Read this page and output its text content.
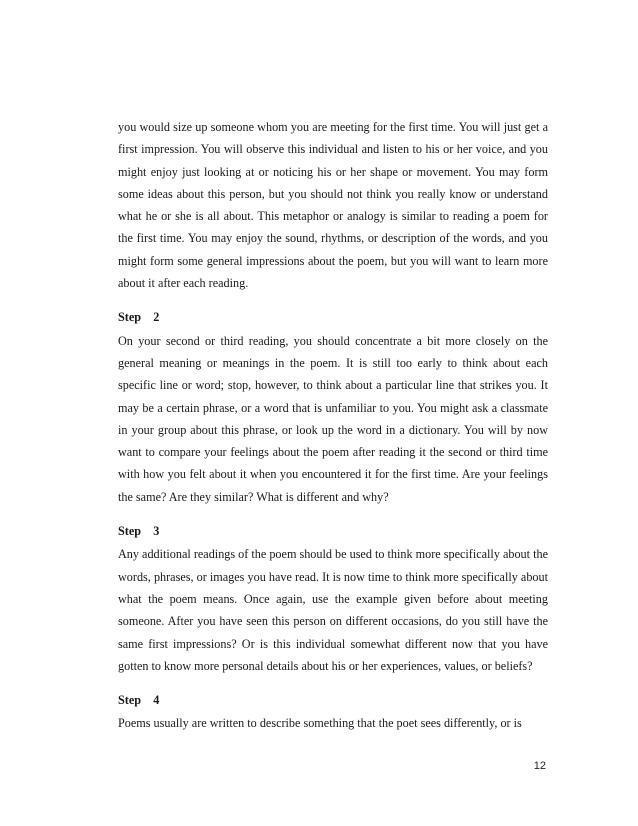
you would size up someone whom you are meeting for the first time. You will just get a first impression. You will observe this individual and listen to his or her voice, and you might enjoy just looking at or noticing his or her shape or movement. You may form some ideas about this person, but you should not think you really know or understand what he or she is all about. This metaphor or analogy is similar to reading a poem for the first time. You may enjoy the sound, rhythms, or description of the words, and you might form some general impressions about the poem, but you will want to learn more about it after each reading.

Step    2

On your second or third reading, you should concentrate a bit more closely on the general meaning or meanings in the poem. It is still too early to think about each specific line or word; stop, however, to think about a particular line that strikes you. It may be a certain phrase, or a word that is unfamiliar to you. You might ask a classmate in your group about this phrase, or look up the word in a dictionary. You will by now want to compare your feelings about the poem after reading it the second or third time with how you felt about it when you encountered it for the first time. Are your feelings the same? Are they similar? What is different and why?

Step    3

Any additional readings of the poem should be used to think more specifically about the words, phrases, or images you have read. It is now time to think more specifically about what the poem means. Once again, use the example given before about meeting someone. After you have seen this person on different occasions, do you still have the same first impressions? Or is this individual somewhat different now that you have gotten to know more personal details about his or her experiences, values, or beliefs?

Step    4

Poems usually are written to describe something that the poet sees differently, or is

12
